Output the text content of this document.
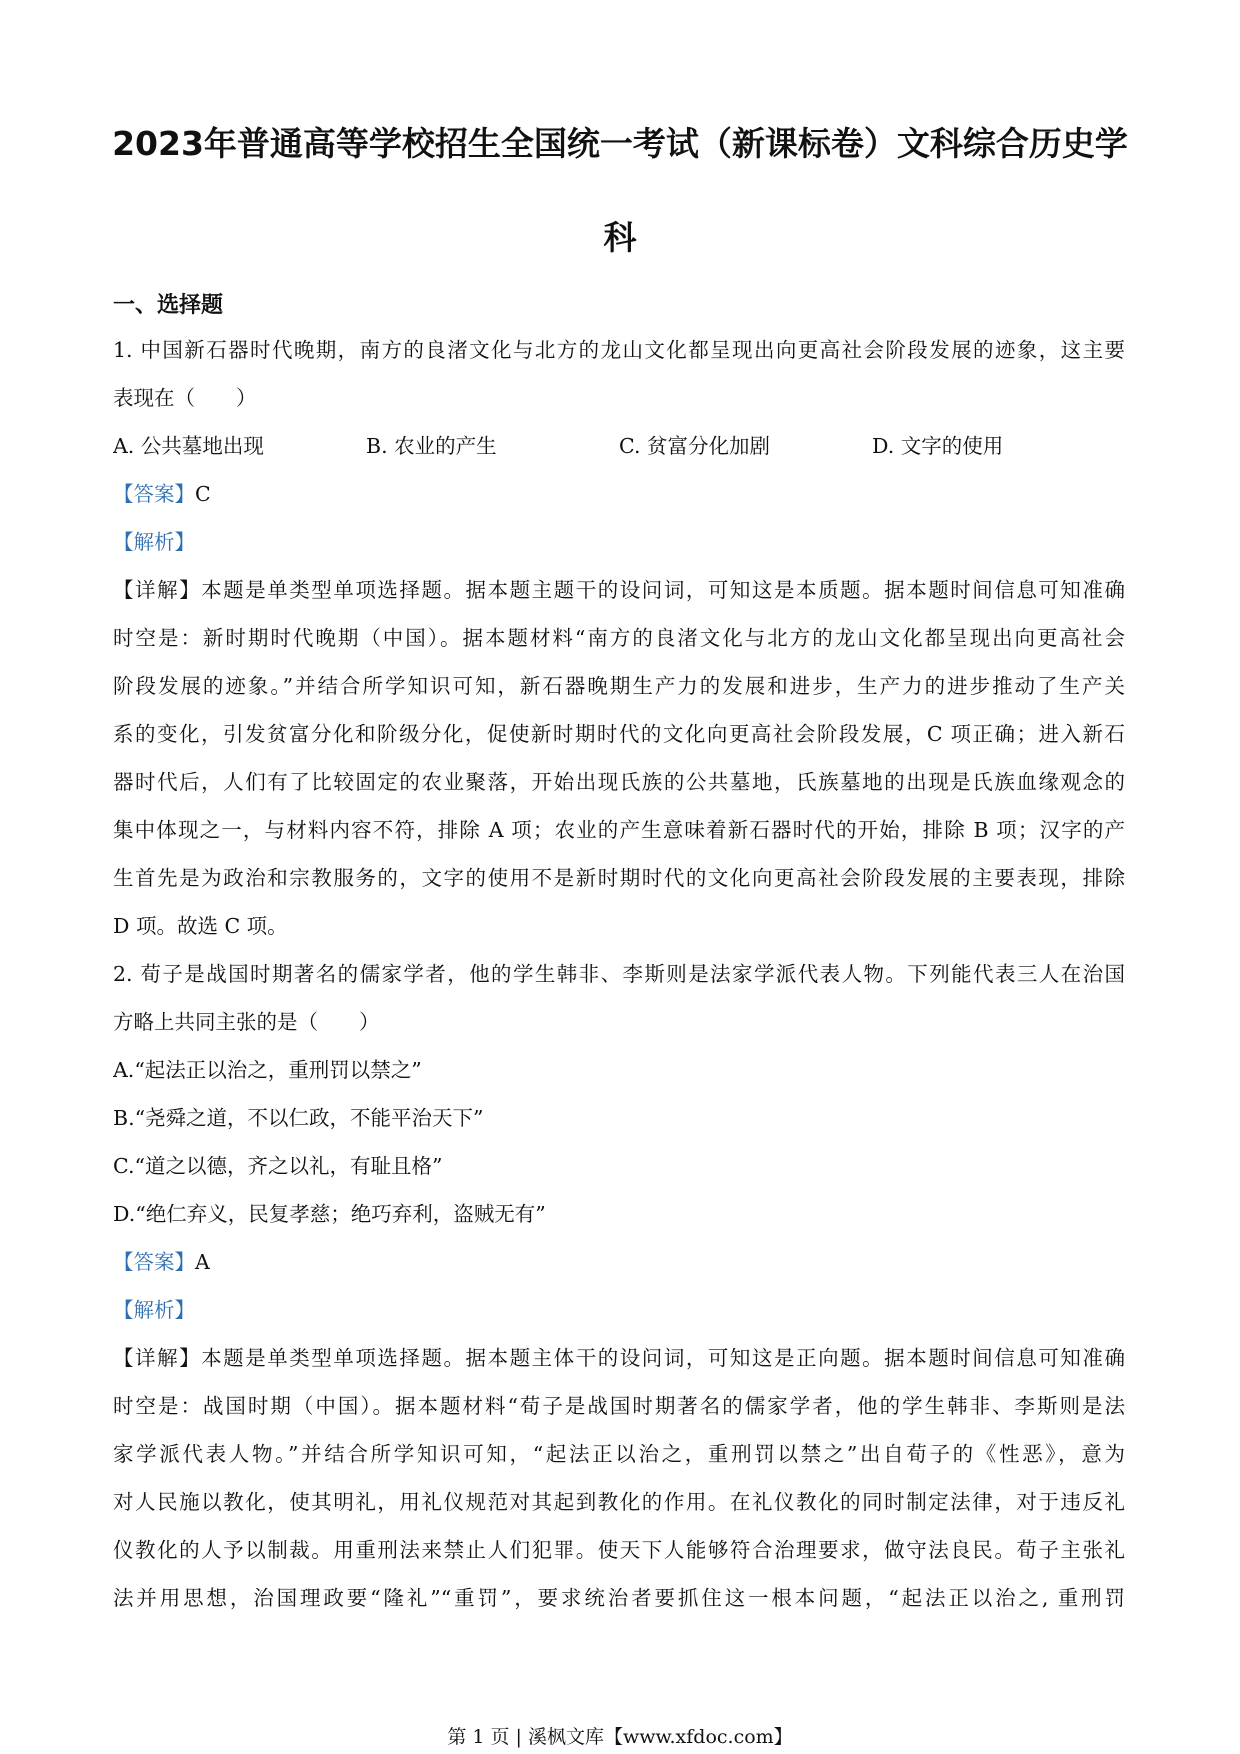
2023年普通高等学校招生全国统一考试（新课标卷）文科综合历史学
科
一、选择题
1. 中国新石器时代晚期，南方的良渚文化与北方的龙山文化都呈现出向更高社会阶段发展的迹象，这主要
表现在（　　）
A. 公共墓地出现	B. 农业的产生	C. 贫富分化加剧	D. 文字的使用
【答案】C
【解析】
【详解】本题是单类型单项选择题。据本题主题干的设问词，可知这是本质题。据本题时间信息可知准确
时空是：新时期时代晚期（中国）。据本题材料“南方的良渚文化与北方的龙山文化都呈现出向更高社会
阶段发展的迹象。”并结合所学知识可知，新石器晚期生产力的发展和进步，生产力的进步推动了生产关
系的变化，引发贫富分化和阶级分化，促使新时期时代的文化向更高社会阶段发展，C 项正确；进入新石
器时代后，人们有了比较固定的农业聚落，开始出现氏族的公共墓地，氏族墓地的出现是氏族血缘观念的
集中体现之一，与材料内容不符，排除 A 项；农业的产生意味着新石器时代的开始，排除 B 项；汉字的产
生首先是为政治和宗教服务的，文字的使用不是新时期时代的文化向更高社会阶段发展的主要表现，排除
D 项。故选 C 项。
2. 荀子是战国时期著名的儒家学者，他的学生韩非、李斯则是法家学派代表人物。下列能代表三人在治国
方略上共同主张的是（　　）
A.“起法正以治之，重刑罚以禁之”
B.“尧舜之道，不以仁政，不能平治天下”
C.“道之以德，齐之以礼，有耻且格”
D.“绝仁弃义，民复孝慈；绝巧弃利，盗贼无有”
【答案】A
【解析】
【详解】本题是单类型单项选择题。据本题主体干的设问词，可知这是正向题。据本题时间信息可知准确
时空是：战国时期（中国）。据本题材料“荀子是战国时期著名的儒家学者，他的学生韩非、李斯则是法
家学派代表人物。”并结合所学知识可知，“起法正以治之，重刑罚以禁之”出自荀子的《性恶》，意为
对人民施以教化，使其明礼，用礼仪规范对其起到教化的作用。在礼仪教化的同时制定法律，对于违反礼
仪教化的人予以制裁。用重刑法来禁止人们犯罪。使天下人能够符合治理要求，做守法良民。荀子主张礼
法并用思想，治国理政要“隆礼”“重罚”，要求统治者要抓住这一根本问题，“起法正以治之, 重刑罚
第 1 页 | 溪枫文库【www.xfdoc.com】
